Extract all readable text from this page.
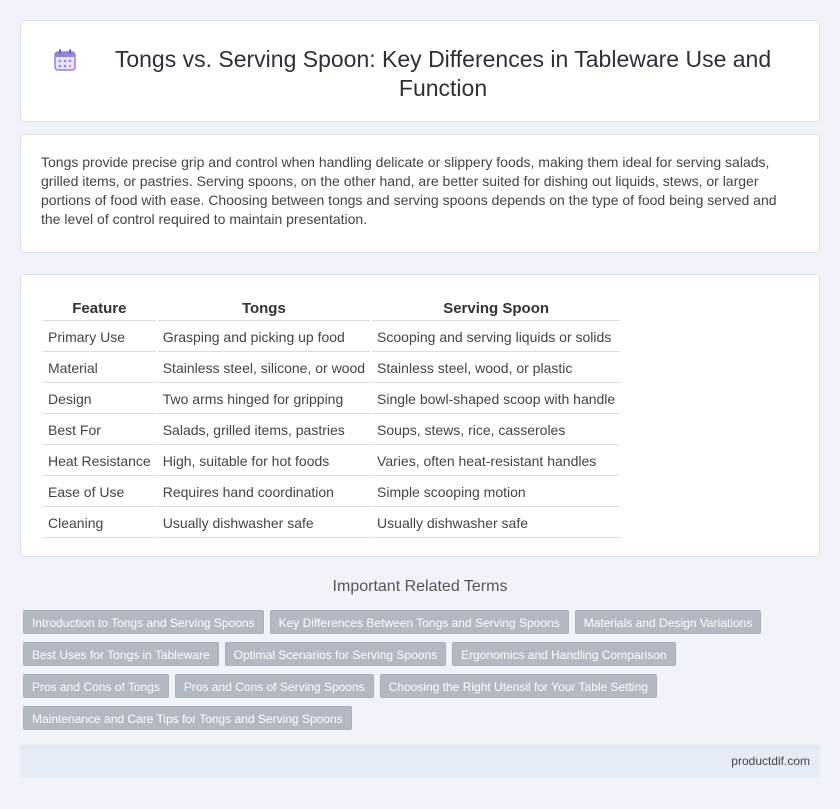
Tongs vs. Serving Spoon: Key Differences in Tableware Use and Function

Tongs provide precise grip and control when handling delicate or slippery foods, making them ideal for serving salads, grilled items, or pastries. Serving spoons, on the other hand, are better suited for dishing out liquids, stews, or larger portions of food with ease. Choosing between tongs and serving spoons depends on the type of food being served and the level of control required to maintain presentation.

Feature	Tongs	Serving Spoon
Primary Use	Grasping and picking up food	Scooping and serving liquids or solids
Material	Stainless steel, silicone, or wood	Stainless steel, wood, or plastic
Design	Two arms hinged for gripping	Single bowl-shaped scoop with handle
Best For	Salads, grilled items, pastries	Soups, stews, rice, casseroles
Heat Resistance	High, suitable for hot foods	Varies, often heat-resistant handles
Ease of Use	Requires hand coordination	Simple scooping motion
Cleaning	Usually dishwasher safe	Usually dishwasher safe
Important Related Terms
Introduction to Tongs and Serving Spoons	Key Differences Between Tongs and Serving Spoons	Materials and Design Variations
Best Uses for Tongs in Tableware	Optimal Scenarios for Serving Spoons	Ergonomics and Handling Comparison
Pros and Cons of Tongs	Pros and Cons of Serving Spoons	Choosing the Right Utensil for Your Table Setting
Maintenance and Care Tips for Tongs and Serving Spoons
productdif.com
